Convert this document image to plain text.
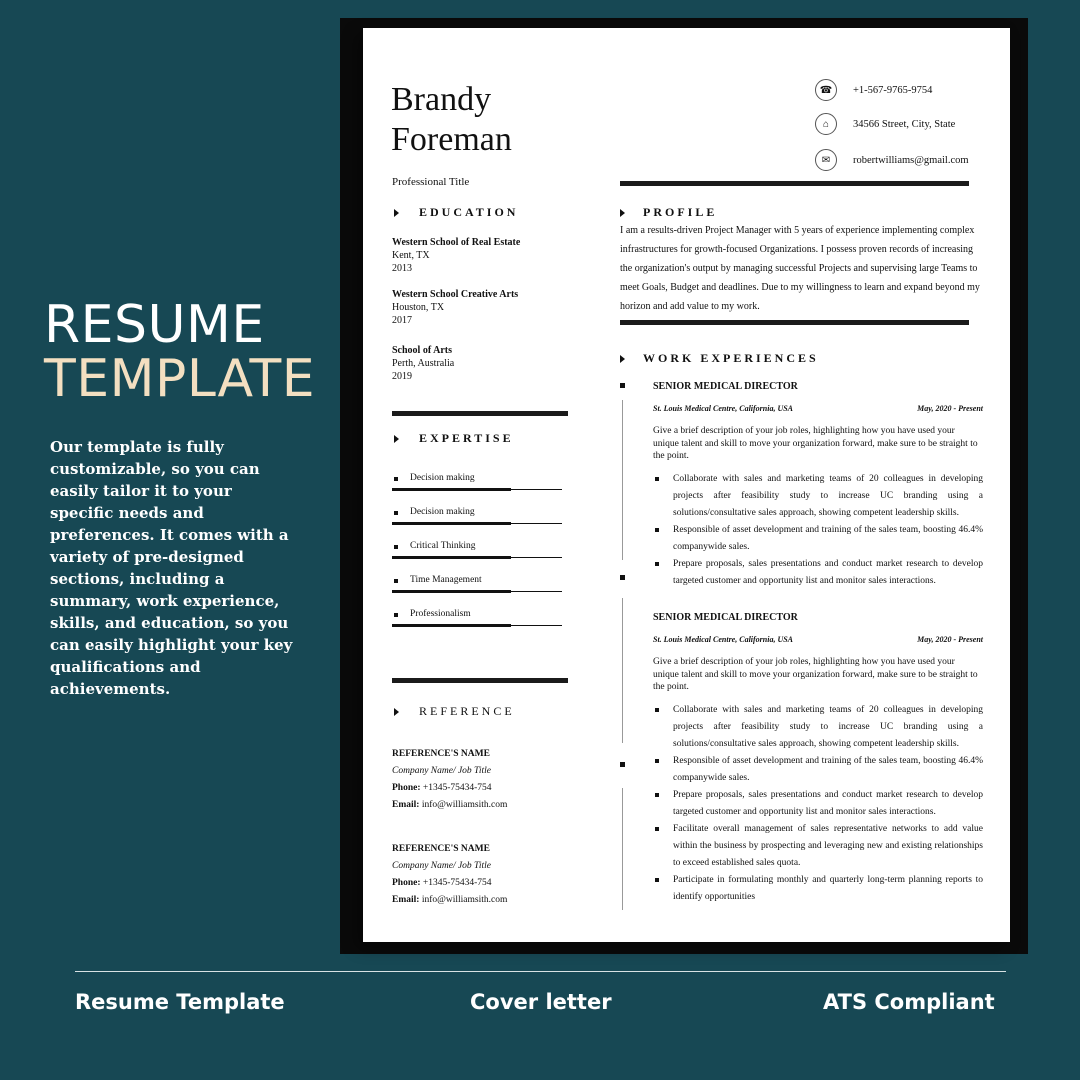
RESUME
TEMPLATE
Our template is fully customizable, so you can easily tailor it to your specific needs and preferences. It comes with a variety of pre-designed sections, including a summary, work experience, skills, and education, so you can easily highlight your key qualifications and achievements.
Brandy
Foreman
Professional Title
☎	+1-567-9765-9754
⌂	34566 Street, City, State
✉	robertwilliams@gmail.com
EDUCATION
Western School of Real Estate
Kent, TX
2013
Western School Creative Arts
Houston, TX
2017
School of Arts
Perth, Australia
2019
EXPERTISE
Decision making
Decision making
Critical Thinking
Time Management
Professionalism
REFERENCE
REFERENCE'S NAME
Company Name/ Job Title
Phone: +1345-75434-754
Email: info@williamsith.com
REFERENCE'S NAME
Company Name/ Job Title
Phone: +1345-75434-754
Email: info@williamsith.com
PROFILE
I am a results-driven Project Manager with 5 years of experience implementing complex infrastructures for growth-focused Organizations. I possess proven records of increasing the organization's output by managing successful Projects and supervising large Teams to meet Goals, Budget and deadlines. Due to my willingness to learn and expand beyond my horizon and add value to my work.
WORK EXPERIENCES
SENIOR MEDICAL DIRECTOR
St. Louis Medical Centre, California, USA	May, 2020 - Present
Give a brief description of your job roles, highlighting how you have used your unique talent and skill to move your organization forward, make sure to be straight to the point.
Collaborate with sales and marketing teams of 20 colleagues in developing projects after feasibility study to increase UC branding using a solutions/consultative sales approach, showing competent leadership skills.
Responsible of asset development and training of the sales team, boosting 46.4% companywide sales.
Prepare proposals, sales presentations and conduct market research to develop targeted customer and opportunity list and monitor sales interactions.
SENIOR MEDICAL DIRECTOR
St. Louis Medical Centre, California, USA	May, 2020 - Present
Give a brief description of your job roles, highlighting how you have used your unique talent and skill to move your organization forward, make sure to be straight to the point.
Collaborate with sales and marketing teams of 20 colleagues in developing projects after feasibility study to increase UC branding using a solutions/consultative sales approach, showing competent leadership skills.
Responsible of asset development and training of the sales team, boosting 46.4% companywide sales.
Prepare proposals, sales presentations and conduct market research to develop targeted customer and opportunity list and monitor sales interactions.
Facilitate overall management of sales representative networks to add value within the business by prospecting and leveraging new and existing relationships to exceed established sales quota.
Participate in formulating monthly and quarterly long-term planning reports to identify opportunities
Resume Template	Cover letter	ATS Compliant
